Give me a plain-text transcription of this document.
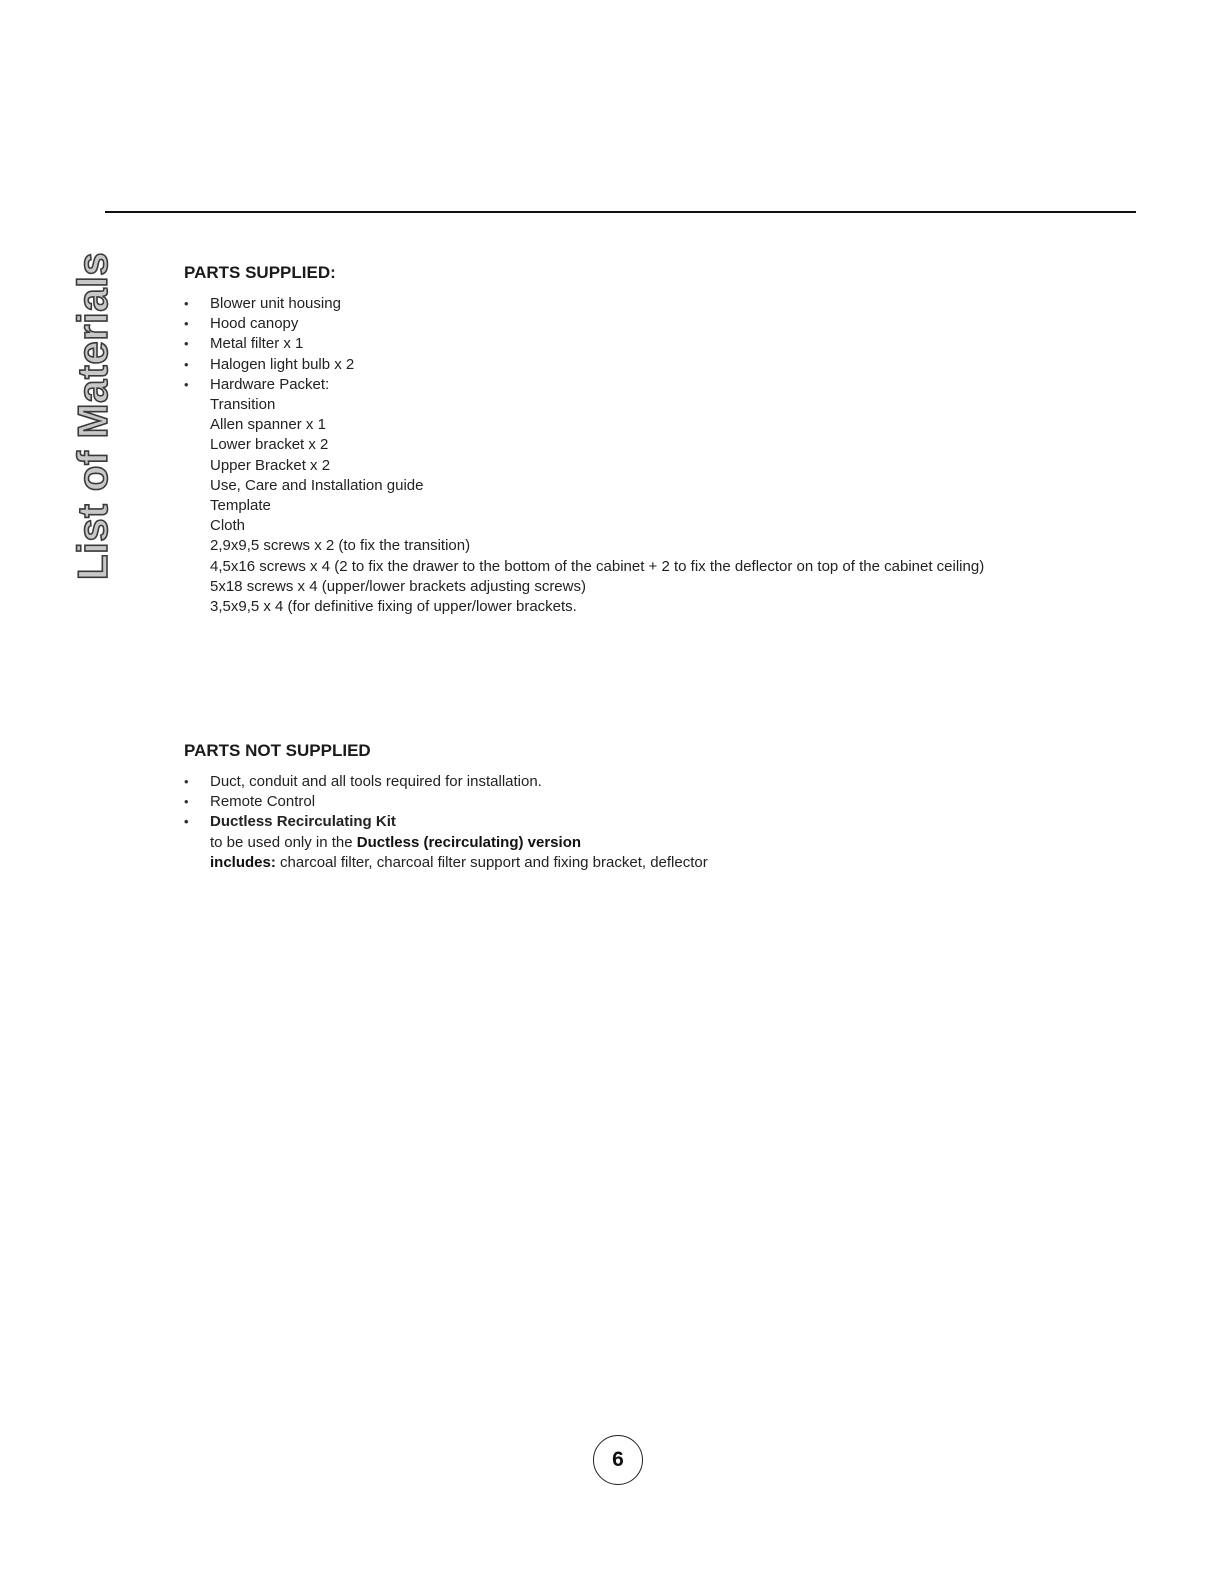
List of Materials	PARTS SUPPLIED:
• Blower unit housing
• Hood canopy
• Metal filter x 1
• Halogen light bulb x 2
• Hardware Packet:
Transition
Allen spanner x 1
Lower bracket x 2
Upper Bracket x 2
Use, Care and Installation guide
Template
Cloth
2,9x9,5 screws x 2 (to fix the transition)
4,5x16 screws x 4 (2 to fix the drawer to the bottom of the cabinet + 2 to fix the deflector on top of the cabinet ceiling)
5x18 screws x 4 (upper/lower brackets adjusting screws)
3,5x9,5 x 4 (for definitive fixing of upper/lower brackets.
PARTS NOT SUPPLIED
• Duct, conduit and all tools required for installation.
• Remote Control
• Ductless Recirculating Kit
to be used only in the Ductless (recirculating) version
includes: charcoal filter, charcoal filter support and fixing bracket, deflector
6
